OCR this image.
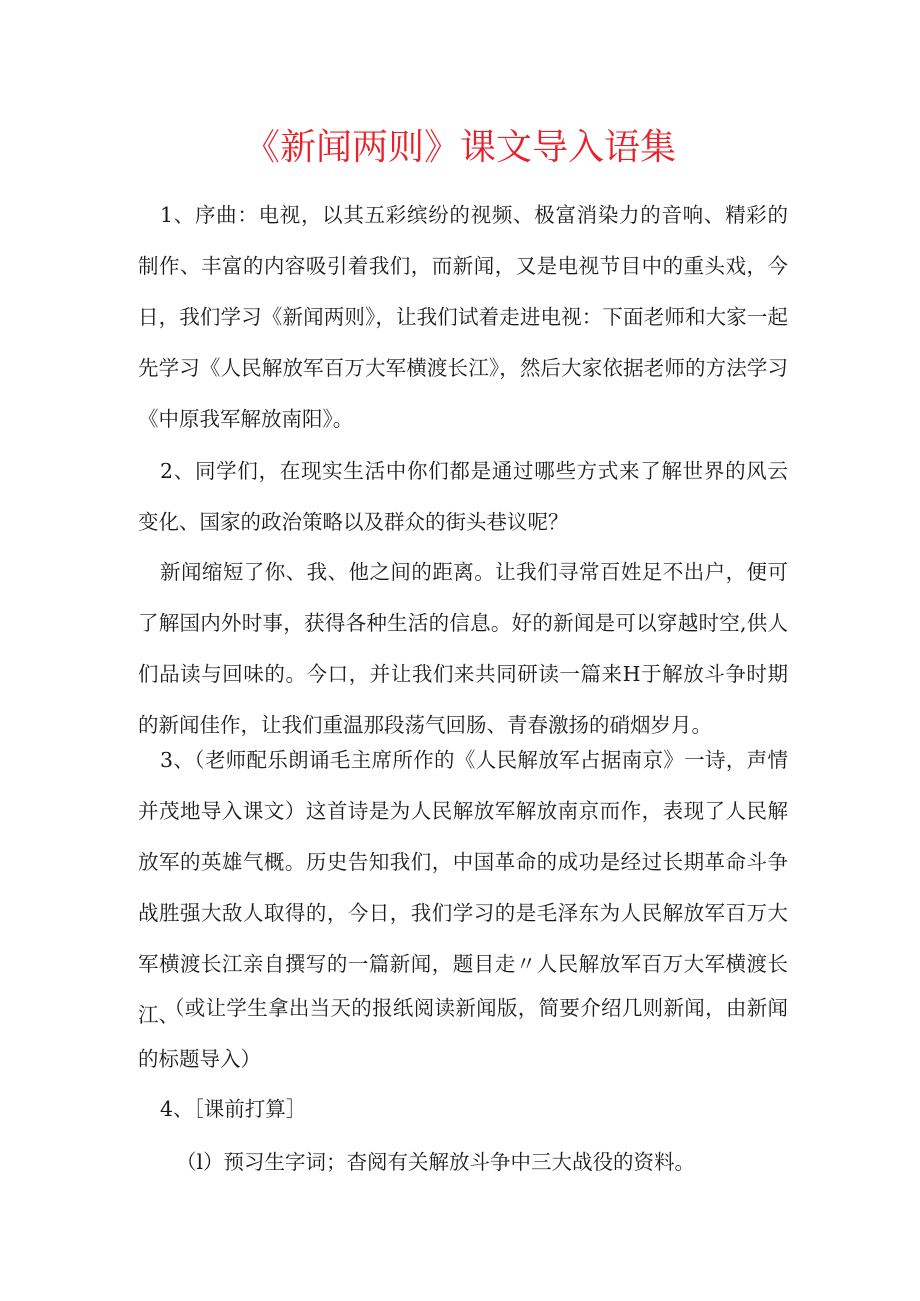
《新闻两则》课文导入语集

1、序曲：电视，以其五彩缤纷的视频、极富消染力的音响、精彩的制作、丰富的内容吸引着我们，而新闻，又是电视节目中的重头戏，今日，我们学习《新闻两则》，让我们试着走进电视：下面老师和大家一起先学习《人民解放军百万大军横渡长江》，然后大家依据老师的方法学习《中原我军解放南阳》。

2、同学们，在现实生活中你们都是通过哪些方式来了解世界的风云变化、国家的政治策略以及群众的街头巷议呢？

新闻缩短了你、我、他之间的距离。让我们寻常百姓足不出户，便可了解国内外时事，获得各种生活的信息。好的新闻是可以穿越时空,供人们品读与回味的。今口，并让我们来共同研读一篇来H于解放斗争时期的新闻佳作，让我们重温那段荡气回肠、青春激扬的硝烟岁月。

3、（老师配乐朗诵毛主席所作的《人民解放军占据南京》一诗，声情并茂地导入课文）这首诗是为人民解放军解放南京而作，表现了人民解放军的英雄气概。历史告知我们，中国革命的成功是经过长期革命斗争战胜强大敌人取得的，今日，我们学习的是毛泽东为人民解放军百万大军横渡长江亲自撰写的一篇新闻，题目走〃人民解放军百万大军横渡长江、

（或让学生拿出当天的报纸阅读新闻版，简要介绍几则新闻，由新闻的标题导入）

4、［课前打算］

（l）预习生字词；杳阅有关解放斗争中三大战役的资料。
